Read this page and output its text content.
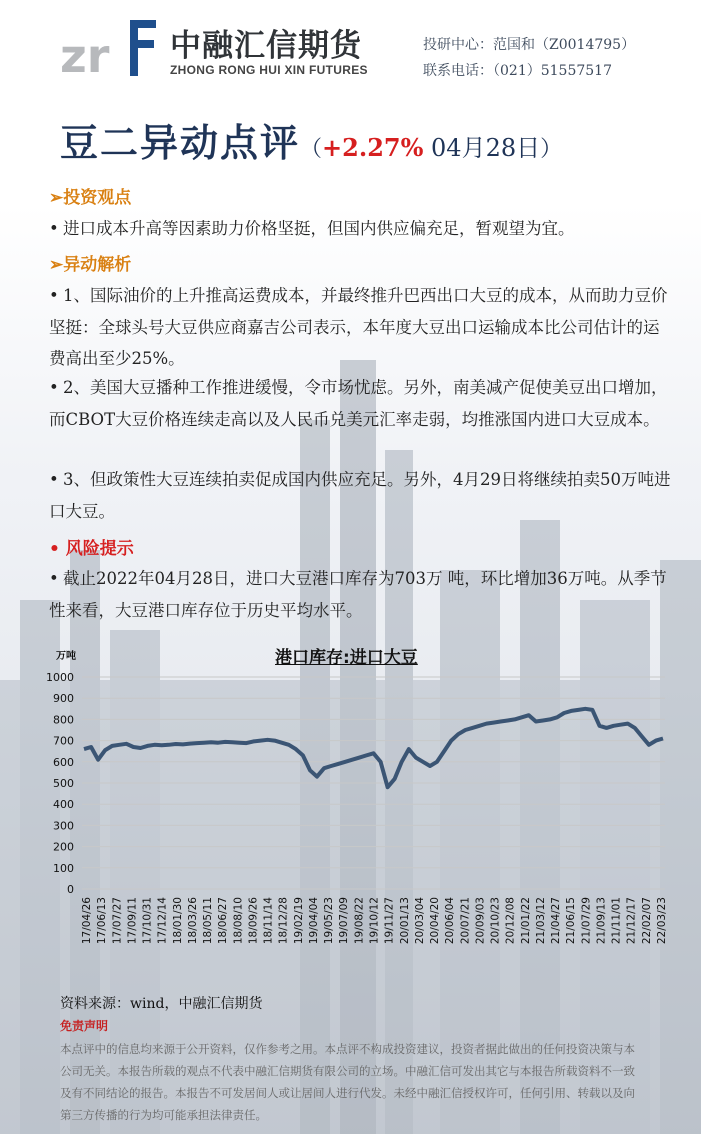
zr 中融汇信期货
ZHONG RONG HUI XIN FUTURES
投研中心：范国和（Z0014795）
联系电话：（021）51557517
豆二异动点评（+2.27% 04月28日）
➢投资观点
• 进口成本升高等因素助力价格坚挺，但国内供应偏充足，暂观望为宜。
➢异动解析
• 1、国际油价的上升推高运费成本，并最终推升巴西出口大豆的成本，从而助力豆价坚挺：全球头号大豆供应商嘉吉公司表示，本年度大豆出口运输成本比公司估计的运费高出至少25%。
• 2、美国大豆播种工作推进缓慢，令市场忧虑。另外，南美减产促使美豆出口增加，而CBOT大豆价格连续走高以及人民币兑美元汇率走弱，均推涨国内进口大豆成本。
• 3、但政策性大豆连续拍卖促成国内供应充足。另外，4月29日将继续拍卖50万吨进口大豆。
• 风险提示
• 截止2022年04月28日，进口大豆港口库存为703万 吨，环比增加36万吨。从季节性来看，大豆港口库存位于历史平均水平。
万吨	港口库存:进口大豆
0
100
200
300
400
500
600
700
800
900
1000
17/04/26 17/06/13 17/07/27 17/09/11 17/10/31 17/12/14 18/01/30 18/03/26 18/05/11 18/06/27 18/08/10 18/09/26 18/11/14 18/12/28 19/02/19 19/04/04 19/05/23 19/07/09 19/08/22 19/10/12 19/11/27 20/01/13 20/03/04 20/04/20 20/06/04 20/07/21 20/09/03 20/10/23 20/12/08 21/01/22 21/03/12 21/04/27 21/06/15 21/07/29 21/09/13 21/11/01 21/12/17 22/02/07 22/03/23
资料来源：wind，中融汇信期货
免责声明
本点评中的信息均来源于公开资料，仅作参考之用。本点评不构成投资建议，投资者据此做出的任何投资决策与本公司无关。本报告所载的观点不代表中融汇信期货有限公司的立场。中融汇信可发出其它与本报告所载资料不一致及有不同结论的报告。本报告不可发居间人或让居间人进行代发。未经中融汇信授权许可，任何引用、转载以及向第三方传播的行为均可能承担法律责任。
